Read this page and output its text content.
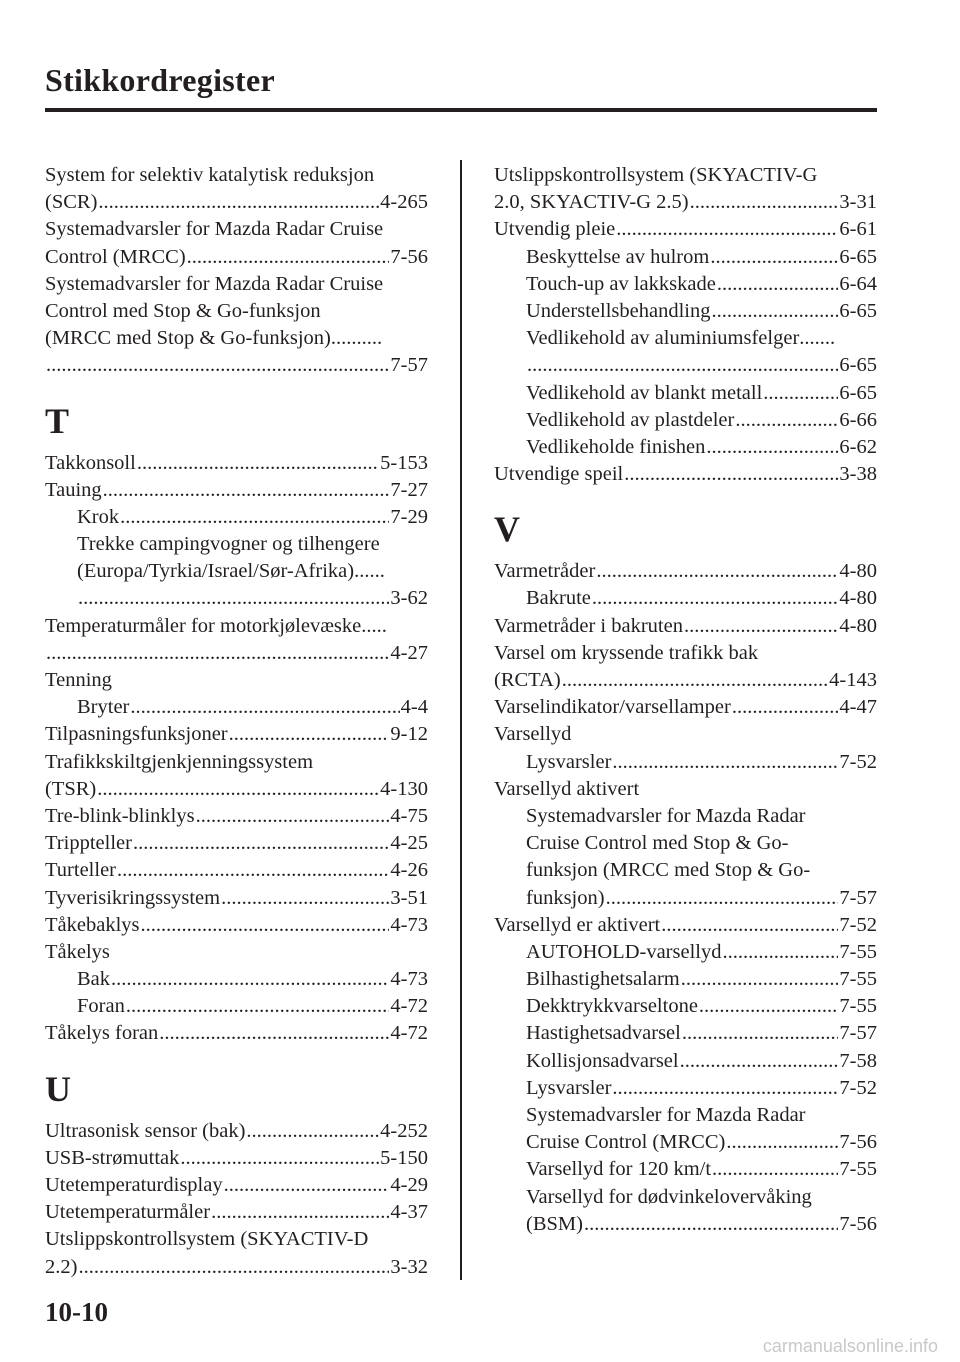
Stikkordregister
System for selektiv katalytisk reduksjon
(SCR) .....	4-265
Systemadvarsler for Mazda Radar Cruise
Control (MRCC) .....	7-56
Systemadvarsler for Mazda Radar Cruise
Control med Stop & Go-funksjon
(MRCC med Stop & Go-funksjon) ..........
.....
7-57
T
Takkonsoll .....	5-153
Tauing .....	7-27
Krok .....	7-29
Trekke campingvogner og tilhengere
(Europa/Tyrkia/Israel/Sør-Afrika) ......
.....
3-62
Temperaturmåler for motorkjølevæske .....
.....
4-27
Tenning
Bryter .....	4-4
Tilpasningsfunksjoner .....	9-12
Trafikkskiltgjenkjenningssystem
(TSR) .....	4-130
Tre-blink-blinklys .....	4-75
Trippteller .....	4-25
Turteller .....	4-26
Tyverisikringssystem .....	3-51
Tåkebaklys .....	4-73
Tåkelys
Bak .....	4-73
Foran .....	4-72
Tåkelys foran .....	4-72
U
Ultrasonisk sensor (bak) .....	4-252
USB-strømuttak .....	5-150
Utetemperaturdisplay .....	4-29
Utetemperaturmåler .....	4-37
Utslippskontrollsystem (SKYACTIV-D
2.2) .....	3-32
Utslippskontrollsystem (SKYACTIV-G
2.0, SKYACTIV-G 2.5) .....	3-31
Utvendig pleie .....	6-61
Beskyttelse av hulrom .....	6-65
Touch-up av lakkskade .....	6-64
Understellsbehandling .....	6-65
Vedlikehold av aluminiumsfelger .......
.....
6-65
Vedlikehold av blankt metall .....	6-65
Vedlikehold av plastdeler .....	6-66
Vedlikeholde finishen .....	6-62
Utvendige speil .....	3-38
V
Varmetråder .....	4-80
Bakrute .....	4-80
Varmetråder i bakruten .....	4-80
Varsel om kryssende trafikk bak
(RCTA) .....	4-143
Varselindikator/varsellamper .....	4-47
Varsellyd
Lysvarsler .....	7-52
Varsellyd aktivert
Systemadvarsler for Mazda Radar
Cruise Control med Stop & Go-
funksjon (MRCC med Stop & Go-
funksjon) .....	7-57
Varsellyd er aktivert .....	7-52
AUTOHOLD-varsellyd .....	7-55
Bilhastighetsalarm .....	7-55
Dekktrykkvarseltone .....	7-55
Hastighetsadvarsel .....	7-57
Kollisjonsadvarsel .....	7-58
Lysvarsler .....	7-52
Systemadvarsler for Mazda Radar
Cruise Control (MRCC) .....	7-56
Varsellyd for 120 km/t .....	7-55
Varsellyd for dødvinkelovervåking
(BSM) .....	7-56
10-10
carmanualsonline.info
